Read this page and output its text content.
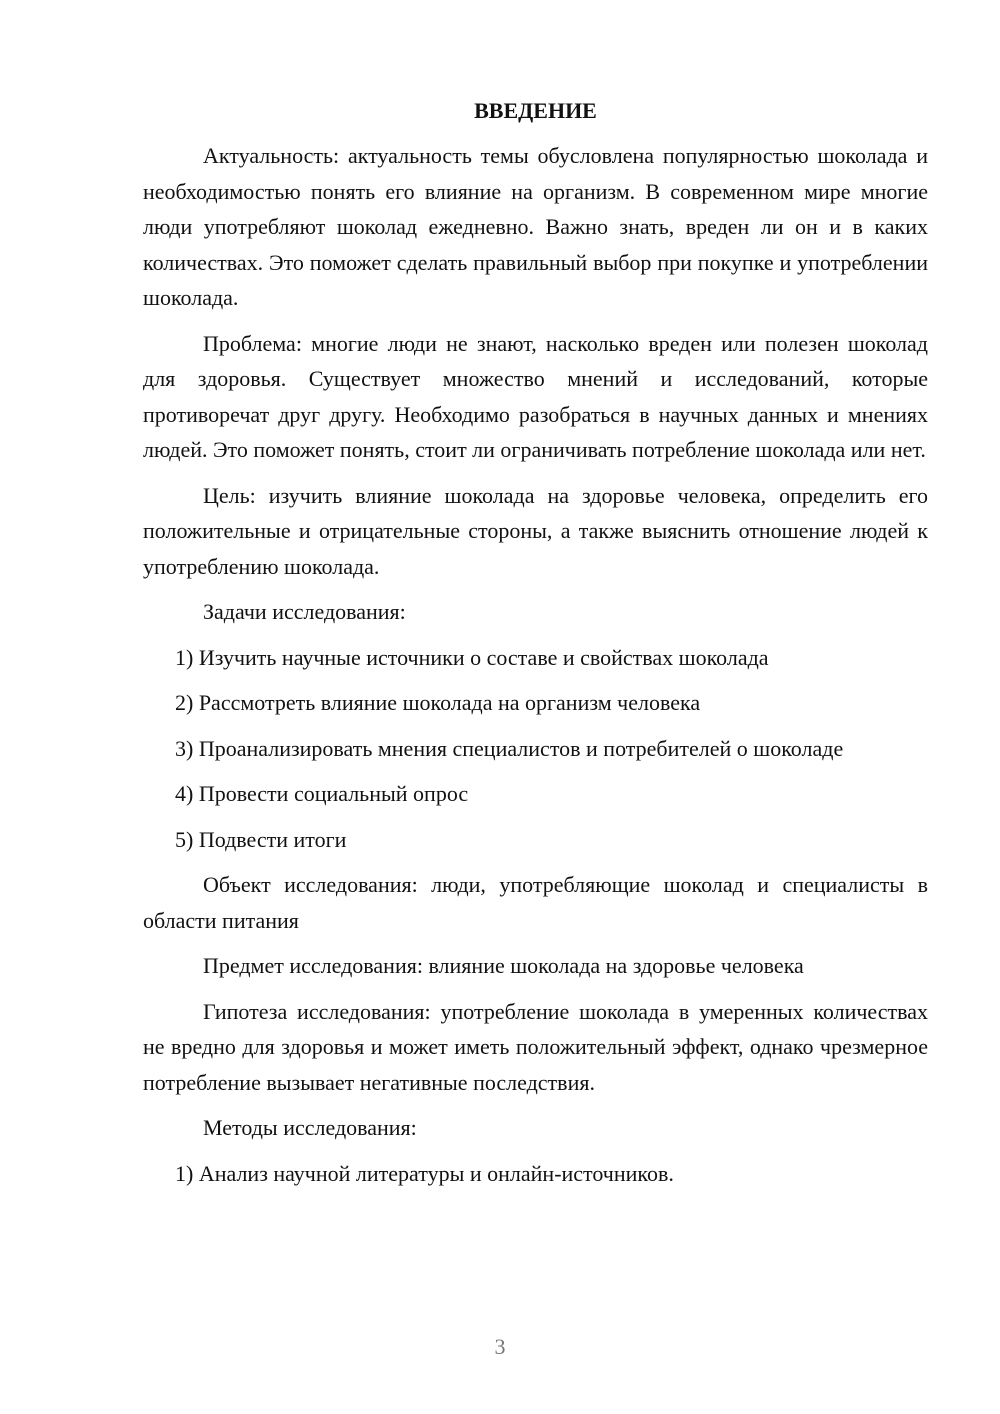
ВВЕДЕНИЕ

Актуальность: актуальность темы обусловлена популярностью шоколада и необходимостью понять его влияние на организм. В современном мире многие люди употребляют шоколад ежедневно. Важно знать, вреден ли он и в каких количествах. Это поможет сделать правильный выбор при покупке и употреблении шоколада.

Проблема: многие люди не знают, насколько вреден или полезен шоколад для здоровья. Существует множество мнений и исследований, которые противоречат друг другу. Необходимо разобраться в научных данных и мнениях людей. Это поможет понять, стоит ли ограничивать потребление шоколада или нет.

Цель: изучить влияние шоколада на здоровье человека, определить его положительные и отрицательные стороны, а также выяснить отношение людей к употреблению шоколада.

Задачи исследования:

1) Изучить научные источники о составе и свойствах шоколада

2) Рассмотреть влияние шоколада на организм человека

3) Проанализировать мнения специалистов и потребителей о шоколаде

4) Провести социальный опрос

5) Подвести итоги

Объект исследования: люди, употребляющие шоколад и специалисты в области питания

Предмет исследования: влияние шоколада на здоровье человека

Гипотеза исследования: употребление шоколада в умеренных количествах не вредно для здоровья и может иметь положительный эффект, однако чрезмерное потребление вызывает негативные последствия.

Методы исследования:

1) Анализ научной литературы и онлайн-источников.

3
